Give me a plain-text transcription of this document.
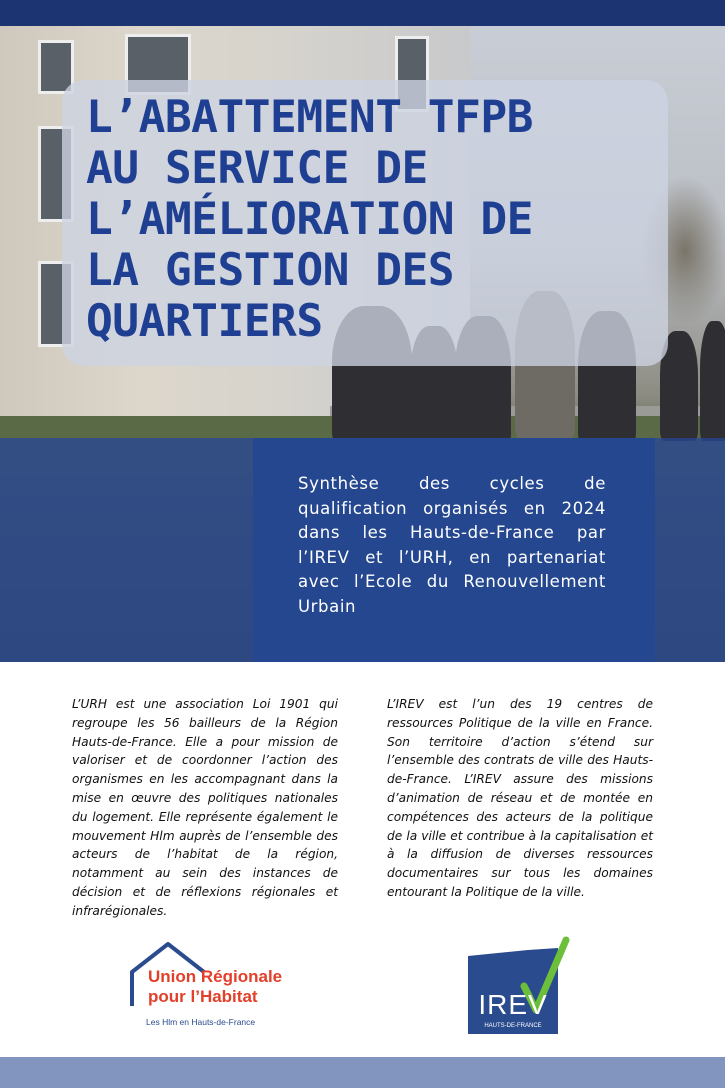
L’ABATTEMENT TFPB
AU SERVICE DE
L’AMÉLIORATION DE
LA GESTION DES
QUARTIERS

Synthèse des cycles de qualification organisés en 2024 dans les Hauts-de-France par l’IREV et l’URH, en partenariat avec l’Ecole du Renouvellement Urbain

L’URH est une association Loi 1901 qui regroupe les 56 bailleurs de la Région Hauts-de-France. Elle a pour mission de valoriser et de coordonner l’action des organismes en les accompagnant dans la mise en œuvre des politiques nationales du logement. Elle représente également le mouvement Hlm auprès de l’ensemble des acteurs de l’habitat de la région, notamment au sein des instances de décision et de réflexions régionales et infrarégionales.

L’IREV est l’un des 19 centres de ressources Politique de la ville en France. Son territoire d’action s’étend sur l’ensemble des contrats de ville des Hauts-de-France. L’IREV assure des missions d’animation de réseau et de montée en compétences des acteurs de la politique de la ville et contribue à la capitalisation et à la diffusion de diverses ressources documentaires sur tous les domaines entourant la Politique de la ville.

Union Régionale
pour l’Habitat
Les Hlm en Hauts-de-France
IREV
HAUTS-DE-FRANCE
